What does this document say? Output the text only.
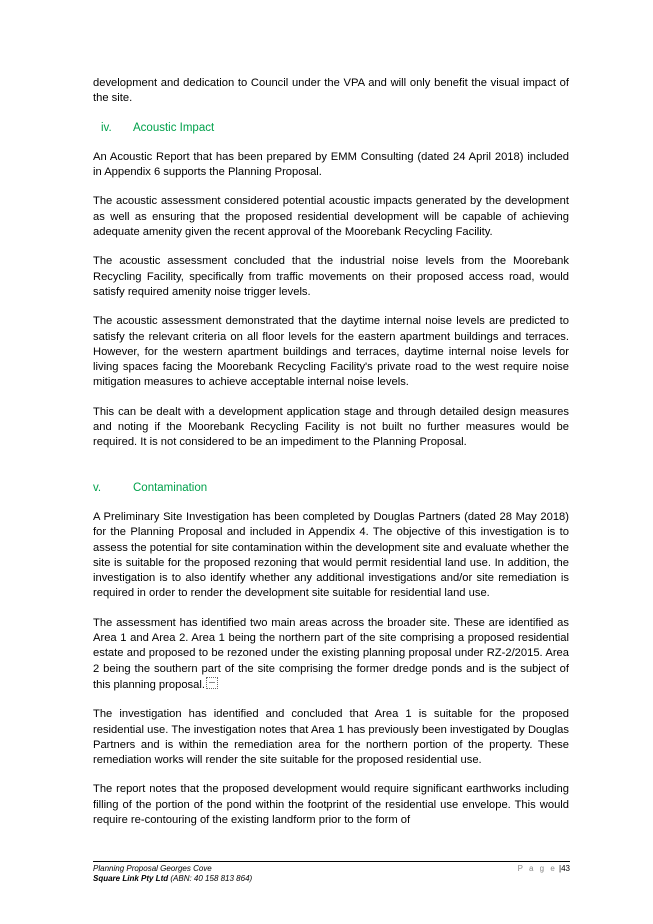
development and dedication to Council under the VPA and will only benefit the visual impact of the site.

iv.	Acoustic Impact

An Acoustic Report that has been prepared by EMM Consulting (dated 24 April 2018) included in Appendix 6 supports the Planning Proposal.

The acoustic assessment considered potential acoustic impacts generated by the development as well as ensuring that the proposed residential development will be capable of achieving adequate amenity given the recent approval of the Moorebank Recycling Facility.

The acoustic assessment concluded that the industrial noise levels from the Moorebank Recycling Facility, specifically from traffic movements on their proposed access road, would satisfy required amenity noise trigger levels.

The acoustic assessment demonstrated that the daytime internal noise levels are predicted to satisfy the relevant criteria on all floor levels for the eastern apartment buildings and terraces. However, for the western apartment buildings and terraces, daytime internal noise levels for living spaces facing the Moorebank Recycling Facility's private road to the west require noise mitigation measures to achieve acceptable internal noise levels.

This can be dealt with a development application stage and through detailed design measures and noting if the Moorebank Recycling Facility is not built no further measures would be required. It is not considered to be an impediment to the Planning Proposal.

v.	Contamination

A Preliminary Site Investigation has been completed by Douglas Partners (dated 28 May 2018) for the Planning Proposal and included in Appendix 4. The objective of this investigation is to assess the potential for site contamination within the development site and evaluate whether the site is suitable for the proposed rezoning that would permit residential land use. In addition, the investigation is to also identify whether any additional investigations and/or site remediation is required in order to render the development site suitable for residential land use.

The assessment has identified two main areas across the broader site. These are identified as Area 1 and Area 2. Area 1 being the northern part of the site comprising a proposed residential estate and proposed to be rezoned under the existing planning proposal under RZ-2/2015. Area 2 being the southern part of the site comprising the former dredge ponds and is the subject of this planning proposal.

The investigation has identified and concluded that Area 1 is suitable for the proposed residential use. The investigation notes that Area 1 has previously been investigated by Douglas Partners and is within the remediation area for the northern portion of the property. These remediation works will render the site suitable for the proposed residential use.

The report notes that the proposed development would require significant earthworks including filling of the portion of the pond within the footprint of the residential use envelope. This would require re-contouring of the existing landform prior to the form of

Planning Proposal Georges Cove
Square Link Pty Ltd (ABN: 40 158 813 864)
P a g e |43
